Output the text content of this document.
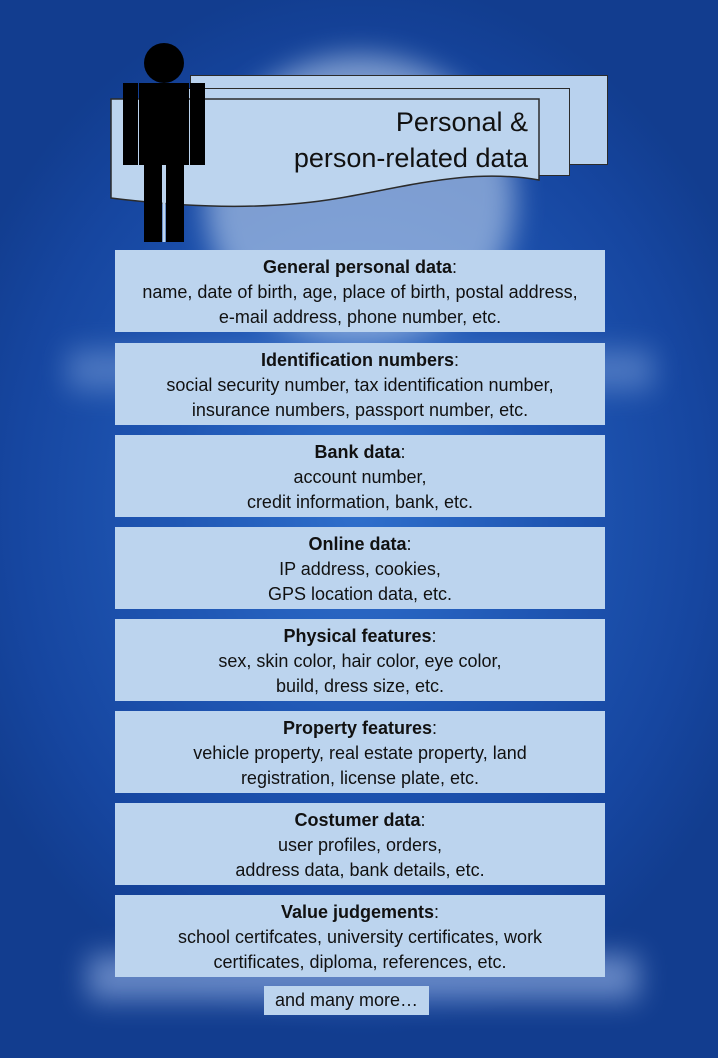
Personal &
person-related data
General personal data:
name, date of birth, age, place of birth, postal address,
e-mail address, phone number, etc.
Identification numbers:
social security number, tax identification number,
insurance numbers, passport number, etc.
Bank data:
account number,
credit information, bank, etc.
Online data:
IP address, cookies,
GPS location data, etc.
Physical features:
sex, skin color, hair color, eye color,
build, dress size, etc.
Property features:
vehicle property, real estate property, land
registration, license plate, etc.
Costumer data:
user profiles, orders,
address data, bank details, etc.
Value judgements:
school certifcates, university certificates, work
certificates, diploma, references, etc.
and many more…
